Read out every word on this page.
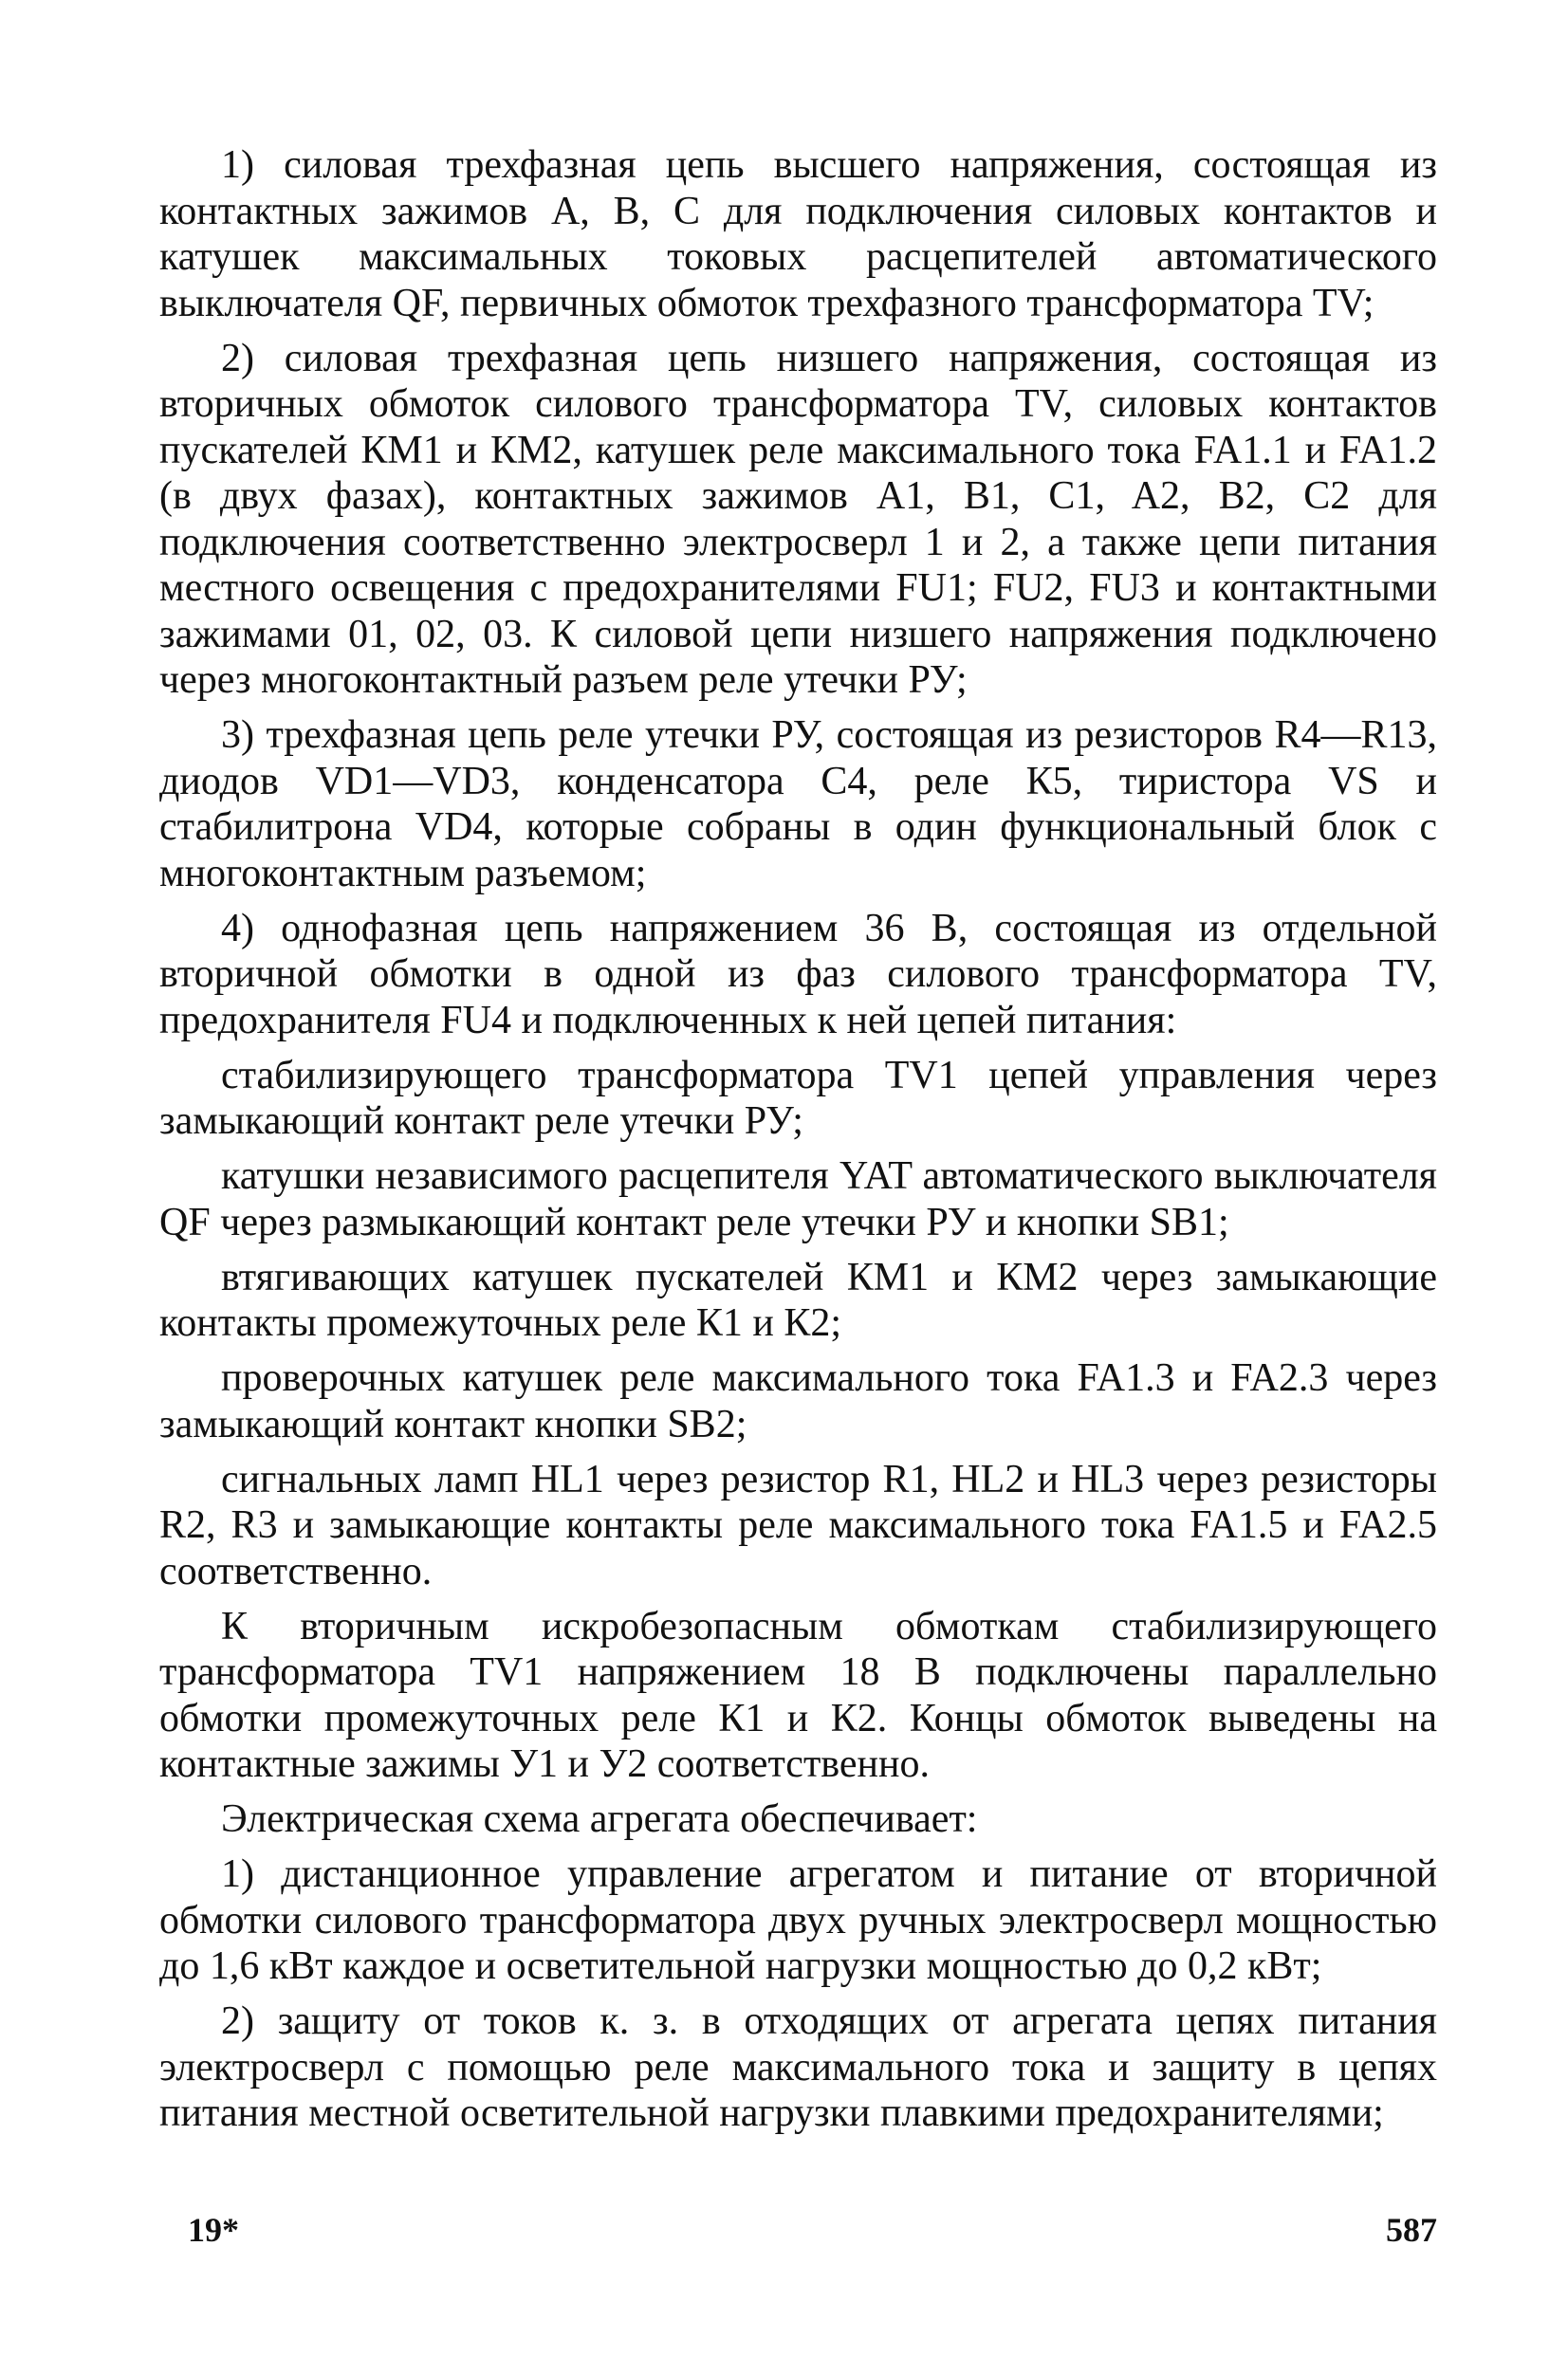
1) силовая трехфазная цепь высшего напряжения, состоящая из контактных зажимов А, В, С для подключения силовых контактов и катушек максимальных токовых расцепителей автоматического выключателя QF, первичных обмоток трехфазного трансформатора TV;

2) силовая трехфазная цепь низшего напряжения, состоящая из вторичных обмоток силового трансформатора TV, силовых контактов пускателей КМ1 и КМ2, катушек реле максимального тока FA1.1 и FA1.2 (в двух фазах), контактных зажимов A1, B1, C1, A2, B2, C2 для подключения соответственно электросверл 1 и 2, а также цепи питания местного освещения с предохранителями FU1; FU2, FU3 и контактными зажимами 01, 02, 03. К силовой цепи низшего напряжения подключено через многоконтактный разъем реле утечки РУ;

3) трехфазная цепь реле утечки РУ, состоящая из резисторов R4—R13, диодов VD1—VD3, конденсатора С4, реле К5, тиристора VS и стабилитрона VD4, которые собраны в один функциональный блок с многоконтактным разъемом;

4) однофазная цепь напряжением 36 В, состоящая из отдельной вторичной обмотки в одной из фаз силового трансформатора TV, предохранителя FU4 и подключенных к ней цепей питания:

стабилизирующего трансформатора TV1 цепей управления через замыкающий контакт реле утечки РУ;

катушки независимого расцепителя YAT автоматического выключателя QF через размыкающий контакт реле утечки РУ и кнопки SB1;

втягивающих катушек пускателей КМ1 и КМ2 через замыкающие контакты промежуточных реле К1 и К2;

проверочных катушек реле максимального тока FA1.3 и FA2.3 через замыкающий контакт кнопки SB2;

сигнальных ламп HL1 через резистор R1, HL2 и HL3 через резисторы R2, R3 и замыкающие контакты реле максимального тока FA1.5 и FA2.5 соответственно.

К вторичным искробезопасным обмоткам стабилизирующего трансформатора TV1 напряжением 18 В подключены параллельно обмотки промежуточных реле К1 и К2. Концы обмоток выведены на контактные зажимы У1 и У2 соответственно.

Электрическая схема агрегата обеспечивает:

1) дистанционное управление агрегатом и питание от вторичной обмотки силового трансформатора двух ручных электросверл мощностью до 1,6 кВт каждое и осветительной нагрузки мощностью до 0,2 кВт;

2) защиту от токов к. з. в отходящих от агрегата цепях питания электросверл с помощью реле максимального тока и защиту в цепях питания местной осветительной нагрузки плавкими предохранителями;

19*	587
